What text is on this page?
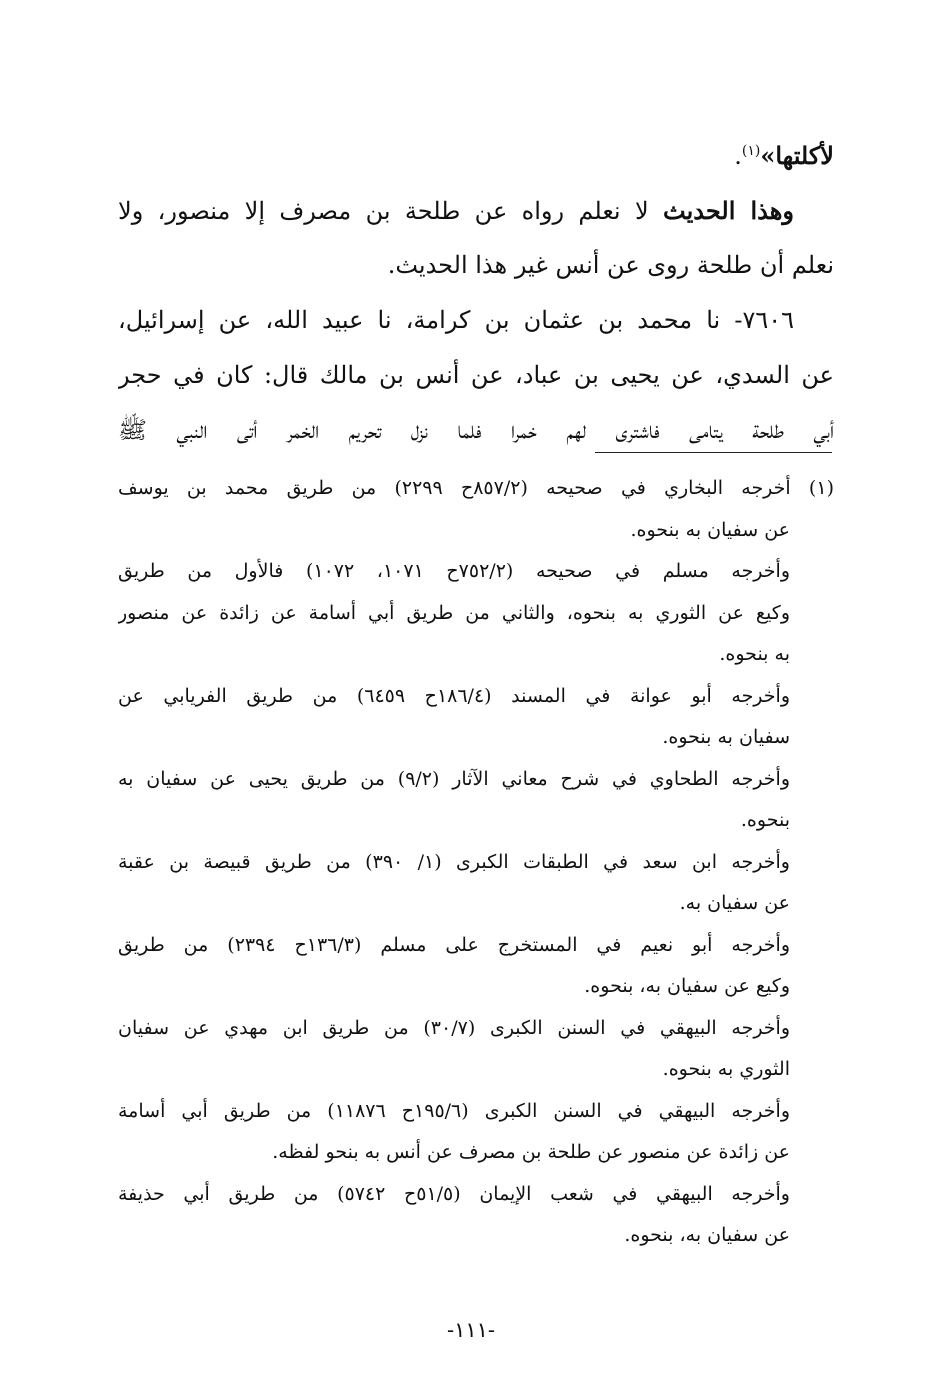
لأكلتها»$^{(١)}$.
وهذا الحديث لا نعلم رواه عن طلحة بن مصرف إلا منصور، ولا
نعلم أن طلحة روى عن أنس غير هذا الحديث.
٧٦٠٦- نا محمد بن عثمان بن كرامة، نا عبيد الله، عن إسرائيل،
عن السدي، عن يحيى بن عباد، عن أنس بن مالك قال: كان في حجر
أبي طلحة يتامى فاشترى لهم خمرا فلما نزل تحريم الخمر أتى النبي ﷺ
(١) أخرجه البخاري في صحيحه (٨٥٧/٢ح ٢٢٩٩) من طريق محمد بن يوسف
عن سفيان به بنحوه.
وأخرجه مسلم في صحيحه (٧٥٢/٢ح ١٠٧١، ١٠٧٢) فالأول من طريق
وكيع عن الثوري به بنحوه، والثاني من طريق أبي أسامة عن زائدة عن منصور
به بنحوه.
وأخرجه أبو عوانة في المسند (١٨٦/٤ح ٦٤٥٩) من طريق الفريابي عن
سفيان به بنحوه.
وأخرجه الطحاوي في شرح معاني الآثار (٩/٢) من طريق يحيى عن سفيان به
بنحوه.
وأخرجه ابن سعد في الطبقات الكبرى (١/ ٣٩٠) من طريق قبيصة بن عقبة
عن سفيان به.
وأخرجه أبو نعيم في المستخرج على مسلم (١٣٦/٣ح ٢٣٩٤) من طريق
وكيع عن سفيان به، بنحوه.
وأخرجه البيهقي في السنن الكبرى (٣٠/٧) من طريق ابن مهدي عن سفيان
الثوري به بنحوه.
وأخرجه البيهقي في السنن الكبرى (١٩٥/٦ح ١١٨٧٦) من طريق أبي أسامة
عن زائدة عن منصور عن طلحة بن مصرف عن أنس به بنحو لفظه.
وأخرجه البيهقي في شعب الإيمان (٥١/٥ح ٥٧٤٢) من طريق أبي حذيفة
عن سفيان به، بنحوه.
-١١١-
